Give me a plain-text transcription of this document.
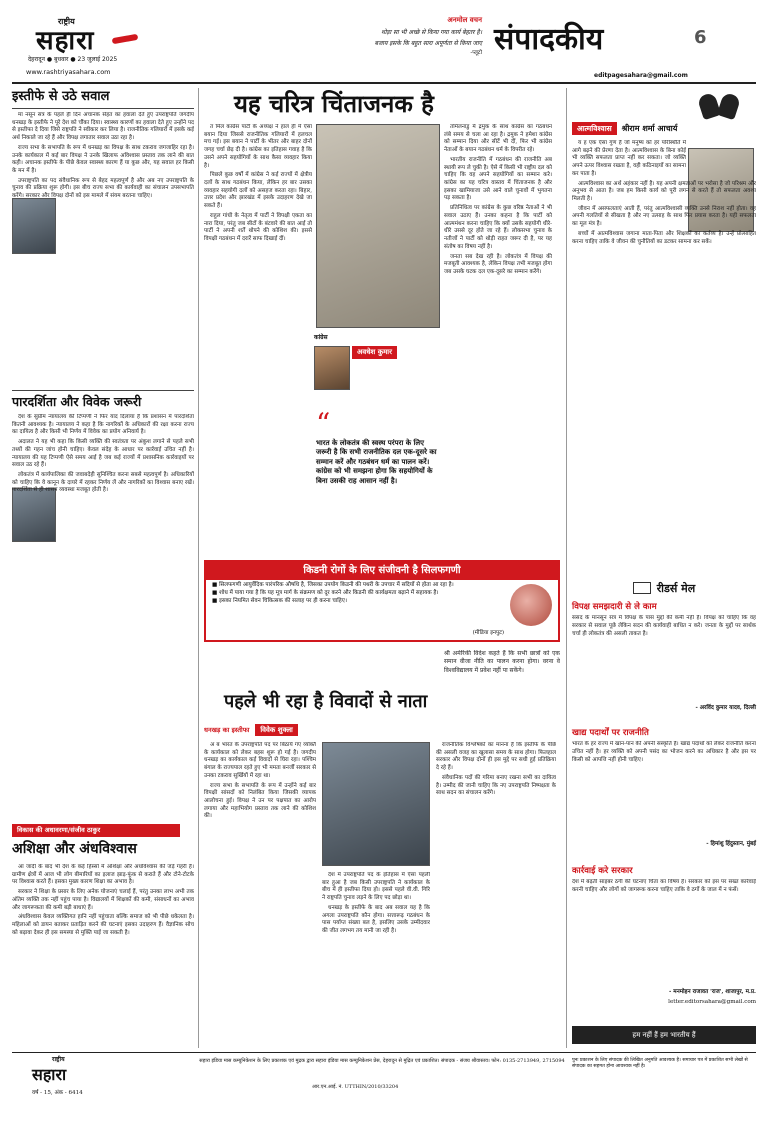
राष्ट्रीय
सहारा
देहरादून ● बुधवार ● 23 जुलाई 2025
www.rashtriyasahara.com
अनमोल वचन
थोड़ा सा भी अच्छे से किया गया कार्य बेहतर है।
बजाय इसके कि बहुत सारा अपूर्णता से किया जाए
-प्लूटो संपादकीय	6
editpagesahara@gmail.com
इस्तीफे से उठे सवाल

मा नसून सत्र के पहले ही दिन अचानक सेहत का हवाला देते हुए उपराष्ट्रपति जगदीप धनखड़ के इस्तीफे ने पूरे देश को चौंका दिया। स्वास्थ्य कारणों का हवाला देते हुए उन्होंने पद से इस्तीफा दे दिया जिसे राष्ट्रपति ने स्वीकार कर लिया है। राजनीतिक गलियारों में इसके कई अर्थ निकाले जा रहे हैं और विपक्ष लगातार सवाल उठा रहा है।

राज्य सभा के सभापति के रूप में धनखड़ का विपक्ष के साथ टकराव जगजाहिर रहा है। उनके कार्यकाल में कई बार विपक्ष ने उनके खिलाफ अविश्वास प्रस्ताव तक लाने की बात कही। अचानक इस्तीफे के पीछे केवल स्वास्थ्य कारण हैं या कुछ और, यह सवाल हर किसी के मन में है।

उपराष्ट्रपति का पद संवैधानिक रूप से बेहद महत्वपूर्ण है और अब नए उपराष्ट्रपति के चुनाव की प्रक्रिया शुरू होगी। इस बीच राज्य सभा की कार्यवाही का संचालन उपसभापति करेंगे। सरकार और विपक्ष दोनों को इस मामले में संयम बरतना चाहिए।

पारदर्शिता और विवेक जरूरी

देश के सुप्रीम न्यायालय की टिप्पणी ने फिर याद दिलाया है कि प्रशासन में पारदर्शिता कितनी आवश्यक है। न्यायालय ने कहा है कि नागरिकों के अधिकारों की रक्षा करना राज्य का दायित्व है और किसी भी निर्णय में विवेक का प्रयोग अनिवार्य है।

अदालत ने यह भी कहा कि किसी व्यक्ति की स्वतंत्रता पर अंकुश लगाने से पहले सभी तथ्यों की गहन जांच होनी चाहिए। केवल संदेह के आधार पर कार्रवाई उचित नहीं है। न्यायालय की यह टिप्पणी ऐसे समय आई है जब कई राज्यों में प्रशासनिक कार्रवाइयों पर सवाल उठ रहे हैं।

लोकतंत्र में कार्यपालिका की जवाबदेही सुनिश्चित करना सबसे महत्वपूर्ण है। अधिकारियों को चाहिए कि वे कानून के दायरे में रहकर निर्णय लें और नागरिकों का विश्वास बनाए रखें। पारदर्शिता से ही शासन व्यवस्था मजबूत होती है।

विकास की अधावरणा/संजीव ठाकुर
अशिक्षा और अंधविश्वास

आ जादी के बाद भी देश के कई हिस्सों में अशिक्षा और अंधविश्वास की जड़ें गहरी हैं। ग्रामीण क्षेत्रों में आज भी लोग बीमारियों का इलाज झाड़-फूंक से कराते हैं और टोने-टोटके पर विश्वास करते हैं। इसका मुख्य कारण शिक्षा का अभाव है।

सरकार ने शिक्षा के प्रसार के लिए अनेक योजनाएं चलाई हैं, परंतु उनका लाभ अभी तक अंतिम व्यक्ति तक नहीं पहुंच पाया है। विद्यालयों में शिक्षकों की कमी, संसाधनों का अभाव और जागरूकता की कमी बड़ी बाधाएं हैं।

अंधविश्वास केवल व्यक्तिगत हानि नहीं पहुंचाता बल्कि समाज को भी पीछे धकेलता है। महिलाओं को डायन बताकर प्रताड़ित करने की घटनाएं इसका उदाहरण हैं। वैज्ञानिक सोच को बढ़ावा देकर ही इस समस्या से मुक्ति पाई जा सकती है।

यह चरित्र चिंताजनक है

त मिल कांग्रेस पार्टी के अध्यक्ष ने हाल ही में ऐसा बयान दिया जिससे राजनीतिक गलियारों में हलचल मच गई। इस बयान ने पार्टी के भीतर और बाहर दोनों जगह चर्चा छेड़ दी है। कांग्रेस का इतिहास गवाह है कि उसने अपने सहयोगियों के साथ कैसा व्यवहार किया है।

पिछले कुछ वर्षों में कांग्रेस ने कई राज्यों में क्षेत्रीय दलों के साथ गठबंधन किया, लेकिन हर बार उसका व्यवहार सहयोगी दलों को असहज करता रहा। बिहार, उत्तर प्रदेश और झारखंड में इसके उदाहरण देखे जा सकते हैं।

राहुल गांधी के नेतृत्व में पार्टी ने विपक्षी एकता का नारा दिया, परंतु जब सीटों के बंटवारे की बात आई तो पार्टी ने अपनी शर्तें थोपने की कोशिश की। इससे विपक्षी गठबंधन में दरारें साफ दिखाई दीं।

कांग्रेस
अवधेश कुमार

तमिलनाडु में द्रमुक के साथ कांग्रेस का गठबंधन लंबे समय से चला आ रहा है। द्रमुक ने हमेशा कांग्रेस को सम्मान दिया और सीटें भी दीं, फिर भी कांग्रेस नेताओं के बयान गठबंधन धर्म के विपरीत रहे।

भारतीय राजनीति में गठबंधन की राजनीति अब स्थायी रूप ले चुकी है। ऐसे में किसी भी राष्ट्रीय दल को चाहिए कि वह अपने सहयोगियों का सम्मान करे। कांग्रेस का यह चरित्र वास्तव में चिंताजनक है और इसका खामियाजा उसे आने वाले चुनावों में भुगतना पड़ सकता है।

प्रतिनिधित्व पर कांग्रेस के कुछ वरिष्ठ नेताओं ने भी सवाल उठाए हैं। उनका कहना है कि पार्टी को आत्ममंथन करना चाहिए कि क्यों उसके सहयोगी धीरे-धीरे उससे दूर होते जा रहे हैं। लोकसभा चुनाव के नतीजों ने पार्टी को थोड़ी राहत जरूर दी है, पर यह संतोष का विषय नहीं है।

जनता सब देख रही है। लोकतंत्र में विपक्ष की मजबूती आवश्यक है, लेकिन विपक्ष तभी मजबूत होगा जब उसके घटक दल एक-दूसरे का सम्मान करेंगे।

“
भारत के लोकतंत्र की स्वस्थ परंपरा के लिए जरूरी है कि सभी राजनीतिक दल एक-दूसरे का सम्मान करें और गठबंधन धर्म का पालन करें। कांग्रेस को भी समझना होगा कि सहयोगियों के बिना उसकी राह आसान नहीं है।
किडनी रोगों के लिए संजीवनी है सिलफगणी
■ सिलफगणी आयुर्वेदिक पारंपरिक औषधि है, जिसका उपयोग किडनी की पथरी के उपचार में सदियों से होता आ रहा है।
■ शोध में पाया गया है कि यह मूत्र मार्ग के संक्रमण को दूर करने और किडनी की कार्यक्षमता बढ़ाने में सहायक है।
■ इसका नियमित सेवन चिकित्सक की सलाह पर ही करना चाहिए।
(मीडिया इनपुट)
श्री अमेरिकी विदेश कहते हैं कि सभी छात्रों को एक समान वीजा नीति का पालन करना होगा। वरना वे विश्वविद्यालय में प्रवेश नहीं पा सकेंगे।
पहले भी रहा है विवादों से नाता
धनखड़ का इस्तीफा विवेक शुक्ला

अ ब भारत के उपराष्ट्रपति पद पर बिठाये गए व्यक्ति के कार्यकाल को लेकर बहस शुरू हो गई है। जगदीप धनखड़ का कार्यकाल कई विवादों से घिरा रहा। पश्चिम बंगाल के राज्यपाल रहते हुए भी ममता बनर्जी सरकार से उनका टकराव सुर्खियों में रहा था।

राज्य सभा के सभापति के रूप में उन्होंने कई बार विपक्षी सांसदों को निलंबित किया जिसकी व्यापक आलोचना हुई। विपक्ष ने उन पर पक्षपात का आरोप लगाया और महाभियोग प्रस्ताव तक लाने की कोशिश की।

देश में उपराष्ट्रपति पद के इतिहास में ऐसा पहली बार हुआ है जब किसी उपराष्ट्रपति ने कार्यकाल के बीच में ही इस्तीफा दिया हो। इससे पहले वी.वी. गिरि ने राष्ट्रपति चुनाव लड़ने के लिए पद छोड़ा था।

धनखड़ के इस्तीफे के बाद अब सवाल यह है कि अगला उपराष्ट्रपति कौन होगा। सत्तारूढ़ गठबंधन के पास पर्याप्त संख्या बल है, इसलिए उसके उम्मीदवार की जीत लगभग तय मानी जा रही है।

राजनीतिक विश्लेषकों का मानना है कि इस्तीफे के पीछे की असली वजह का खुलासा समय के साथ होगा। फिलहाल सरकार और विपक्ष दोनों ही इस मुद्दे पर सधी हुई प्रतिक्रिया दे रहे हैं।

संवैधानिक पदों की गरिमा बनाए रखना सभी का दायित्व है। उम्मीद की जानी चाहिए कि नए उपराष्ट्रपति निष्पक्षता के साथ सदन का संचालन करेंगे।

आत्मविश्वास श्रीराम शर्मा आचार्य

य ह एक ऐसा गुण है जो मनुष्य को हर परिस्थिति में आगे बढ़ने की प्रेरणा देता है। आत्मविश्वास के बिना कोई भी व्यक्ति सफलता प्राप्त नहीं कर सकता। जो व्यक्ति अपने ऊपर विश्वास रखता है, वही कठिनाइयों का सामना कर पाता है।

आत्मविश्वास का अर्थ अहंकार नहीं है। यह अपनी क्षमताओं पर भरोसा है जो परिश्रम और अनुभव से आता है। जब हम किसी कार्य को पूरी लगन से करते हैं तो सफलता अवश्य मिलती है।

जीवन में असफलताएं आती हैं, परंतु आत्मविश्वासी व्यक्ति उनसे निराश नहीं होता। वह अपनी गलतियों से सीखता है और नए उत्साह के साथ फिर प्रयास करता है। यही सफलता का मूल मंत्र है।

बच्चों में आत्मविश्वास जगाना माता-पिता और शिक्षकों का कर्तव्य है। उन्हें प्रोत्साहित करना चाहिए ताकि वे जीवन की चुनौतियों का डटकर सामना कर सकें।

रीडर्स मेल
विपक्ष समझदारी से ले काम
संसद के मानसून सत्र में विपक्ष के पास मुद्दों की कमी नहीं है। विपक्ष को चाहिए कि वह सरकार से सवाल पूछे लेकिन सदन की कार्यवाही बाधित न करे। जनता के मुद्दों पर सार्थक चर्चा ही लोकतंत्र की असली ताकत है।
- अरविंद कुमार यादव, दिल्ली
खाद्य पदार्थों पर राजनीति
भारत के हर राज्य में खान-पान की अपनी संस्कृति है। खाद्य पदार्थों को लेकर राजनीति करना उचित नहीं है। हर व्यक्ति को अपनी पसंद का भोजन करने का अधिकार है और इस पर किसी को आपत्ति नहीं होनी चाहिए।
- हिमांशु हिंदुस्तान, मुंबई
कार्रवाई करे सरकार
देश में बढ़ती साइबर ठगी की घटनाएं चिंता का विषय हैं। सरकार को इस पर सख्त कार्रवाई करनी चाहिए और लोगों को जागरूक करना चाहिए ताकि वे ठगों के जाल में न फंसें।
- मनमोहन राजावत 'राज', शाजापुर, म.प्र.
letter.editorsahara@gmail.com
हम नहीं हैं हम भारतीय हैं
राष्ट्रीय
सहारा
वर्ष - 15, अंक - 6414
सहारा इंडिया मास कम्युनिकेशन के लिए प्रकाशक एवं मुद्रक द्वारा सहारा इंडिया मास कम्युनिकेशन प्रेस, देहरादून से मुद्रित एवं प्रकाशित। संपादक - संजय श्रीवास्तव। फोन: 0135-2713949, 2715094
आर.एन.आई. नं. UTTHIN/2010/33204
पुनः प्रकाशन के लिए संपादक की लिखित अनुमति आवश्यक है। समाचार पत्र में प्रकाशित सभी लेखों से संपादक का सहमत होना आवश्यक नहीं है।
